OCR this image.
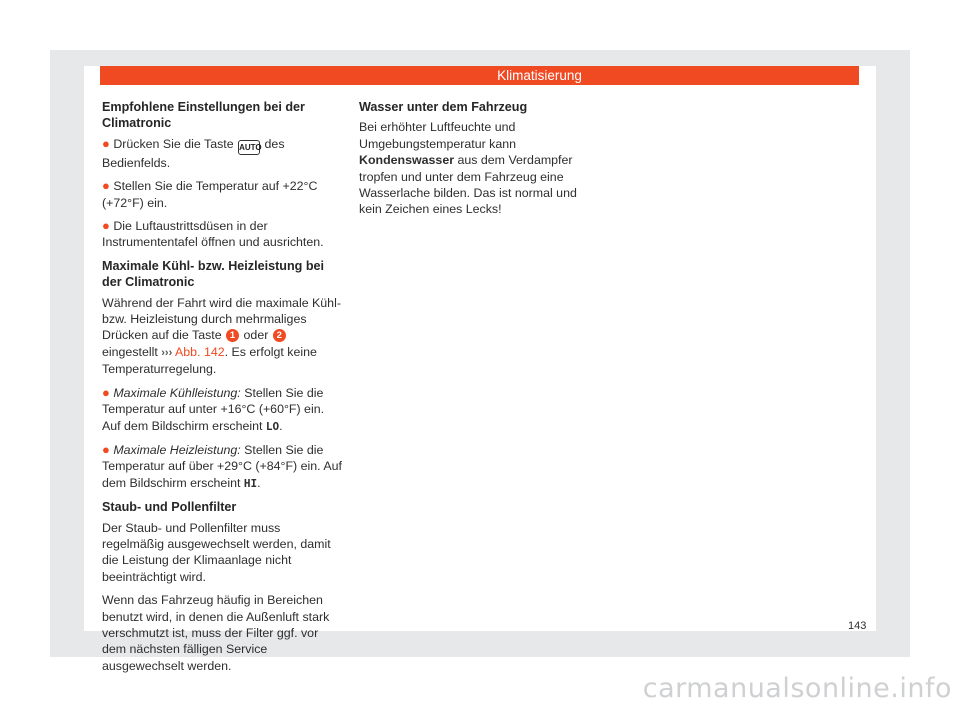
Klimatisierung
Empfohlene Einstellungen bei der Climatronic

● Drücken Sie die Taste AUTO des Bedienfelds.

● Stellen Sie die Temperatur auf +22°C (+72°F) ein.

● Die Luftaustrittsdüsen in der Instrumententafel öffnen und ausrichten.

Maximale Kühl- bzw. Heizleistung bei der Climatronic

Während der Fahrt wird die maximale Kühl- bzw. Heizleistung durch mehrmaliges Drücken auf die Taste 1 oder 2 eingestellt ››› Abb. 142. Es erfolgt keine Temperaturregelung.

● Maximale Kühlleistung: Stellen Sie die Temperatur auf unter +16°C (+60°F) ein. Auf dem Bildschirm erscheint LO.

● Maximale Heizleistung: Stellen Sie die Temperatur auf über +29°C (+84°F) ein. Auf dem Bildschirm erscheint HI.

Staub- und Pollenfilter

Der Staub- und Pollenfilter muss regelmäßig ausgewechselt werden, damit die Leistung der Klimaanlage nicht beeinträchtigt wird.

Wenn das Fahrzeug häufig in Bereichen benutzt wird, in denen die Außenluft stark verschmutzt ist, muss der Filter ggf. vor dem nächsten fälligen Service ausgewechselt werden.

Wasser unter dem Fahrzeug

Bei erhöhter Luftfeuchte und Umgebungstemperatur kann Kondenswasser aus dem Verdampfer tropfen und unter dem Fahrzeug eine Wasserlache bilden. Das ist normal und kein Zeichen eines Lecks!

143
carmanualsonline.info
